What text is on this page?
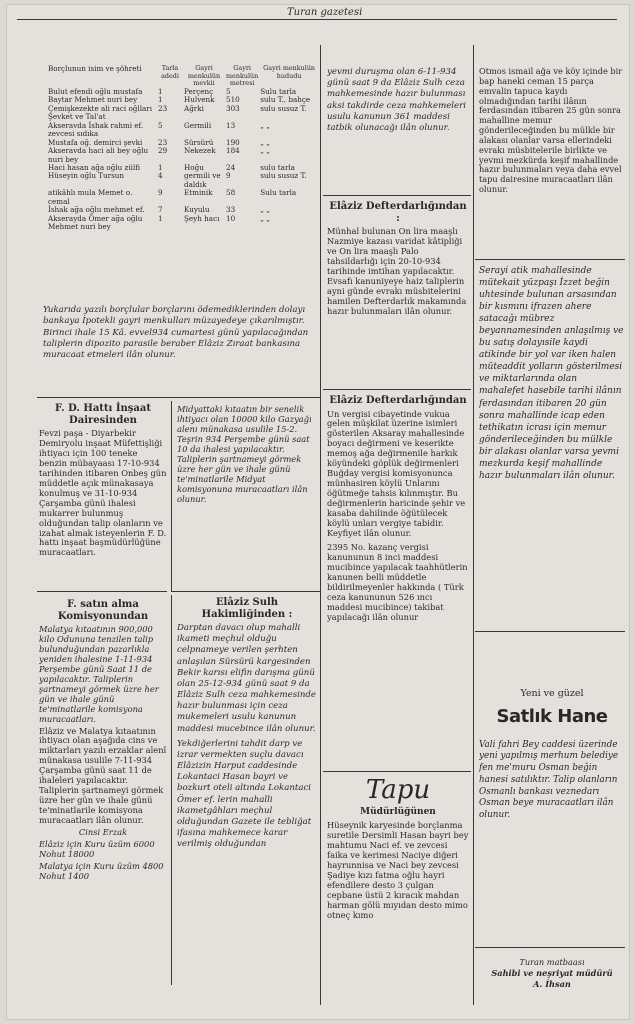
Turan gazetesi
Borçlunun isim ve şöhreti	Tarla adedi	Gayri menkulün mevkii	Gayri menkulün metresi	Gayri menkulün hududu
Bulut efendi oğlu mustafa	1	Perçenç	5	Sulu tarla
Baytar Mehmet nuri bey	1	Hulvenk	510	sulu T., bahçe
Çemişkezekte ali raci oğlları Şevket ve Tal'at	23	Ağrki	303	sulu susuz T.
Akseravda İshak rahmi ef. zevcesi sıdıka	5	Germili	13	„ „
Mustafa oğ. demirci şevki	23	Sürsürü	190	„ „
Akseravda haci ali bey oğlu nuri bey	29	Nekezek	184	„ „
Haci hasan ağa oğlu zülfi	1	Hoğu	24	sulu tarla
Hüseyin oğlu Tursun	4	germili ve daldık	9	sulu susuz T.
atikâhlı mula Memet o. cemal	9	Etminik	58	Sulu tarla
İshak ağa oğlu mehmet ef.	7	Kuyulu	33	„ „
Akserayda Ömer ağa oğlu Mehmet nuri bey	1	Şeyh hacı	10	„ „
Yukarıda yazılı borçlular borçlarını ödemediklerinden dolayı bankaya İpotekli gayri menkulları müzayedeye çıkarılmıştır. Birinci ihale 15 Kâ. evvel934 cumartesi günü yapılacağından taliplerin dipozito parasile beraber Elâziz Zıraat bankasına muracaat etmeleri ilân olunur.
F. D. Hattı İnşaat Dairesinden

Fevzi paşa - Diyarbekir Demiryolu inşaat Müfettişliği ihtiyacı için 100 teneke benzin mübayaası 17-10-934 tarihinden itibaren Onbeş gün müddetle açık münakasaya konulmuş ve 31-10-934 Çarşamba günü ihalesi mukarrer bulunmuş olduğundan talip olanların ve izahat almak isteyenlerin F. D. hattı inşaat başmüdürlüğüne muracaatları.

Midyattaki kıtaatın bir senelik ihtiyacı olan 10000 kilo Gazyağı alenı münakasa usulile 15-2. Teşrin 934 Perşembe günü saat 10 da ihalesi yapılacaktır. Taliplerin şartnameyi görmek üzre her gün ve ihale günü te'minatlarile Midyat komisyonuna muracaatları ilân olunur.
F. satın alma Komisyonundan

Malatya kıtaatının 900,000 kilo Odununa tenzilen talip bulunduğundan pazarlıkla yeniden ihalesine 1-11-934 Perşembe günü Saat 11 de yapılacaktır. Taliplerin şartnameyi görmek üzre her gün ve ihale günü te'minatlarile komisyona muracaatları.

Elâziz ve Malatya kıtaatının ihtiyacı olan aşağıda cins ve miktarları yazılı erzaklar alenî münakasa usulile 7-11-934 Çarşamba günü saat 11 de ihaleleri yapılacaktır. Taliplerin şartnameyi görmek üzre her gün ve ihale günü te'minatlarile komisyona muracaatları ilân olunur.

Cinsi Erzak

Elâziz için Kuru üzüm 6000 Nohut 18000

Malatya için Kuru üzüm 4800 Nohut 1400

Elâziz Sulh Hakimliğinden :

Darptan davacı olup mahalli ikameti meçhul olduğu celpnameye verilen şerhten anlaşılan Sürsürü kargesinden Bekir karısı elifin darışma günü olan 25-12-934 günü saat 9 da Elâziz Sulh ceza mahkemesinde hazır bulunması için ceza mukemeleri usulu kanunun maddesi mucebince ilân olunur.

Yekdiğerlerini tahdit darp ve izrar vermekten suçlu davacı Elâzizin Harput caddesinde Lokantaci Hasan bayri ve bozkurt oteli altında Lokantaci Ömer ef. lerin mahalli ikametgâhları meçhul olduğundan Gazete ile tebliğat ifasına mahkemece karar verilmiş olduğundan

yevmi duruşma olan 6-11-934 günü saat 9 da Elâziz Sulh ceza mahkemesinde hazır bulunması aksi takdirde ceza mahkemeleri usulu kanunun 361 maddesi tatbik olunacağı ilân olunur.
Elâziz Defterdarlığından :

Münhal bulunan On lira maaşlı Nazmiye kazası varidat kâtipliği ve On lira maaşlı Palo tahsildarlığı için 20-10-934 tarihinde imtihan yapılacaktır. Evsafı kanuniyeye haiz taliplerin ayni günde evrakı müsbitelerini hamilen Defterdarlık makamında hazır bulunmaları ilân olunur.

Elâziz Defterdarlığından

Un vergisi cibayetinde vukua gelen müşkilat üzerine isimleri gösterilen Aksaray mahallesinde boyacı değirmeni ve keserikte memoş ağa değirmenile harkık köyündeki göplük değirmenleri Buğday vergisi komisyonunca münhasiren köylü Unlarını öğütmeğe tahsis kılınmıştır. Bu değirmenlerin haricinde şehir ve kasaba dahilinde öğütülecek köylü unları vergiye tabidir. Keyfiyet ilân olunur.

2395 No. kazanç vergisi kanununun 8 inci maddesi mucibince yapılacak taahhütlerin kanunen belli müddetle bildirilmeyenler hakkında ( Türk ceza kanununun 526 ıncı maddesi mucibince) takibat yapılacağı ilân olunur

Tapu
Müdürlüğünen

Hüseynik karyesinde borçlanma suretile Dersimli Hasan bayri bey mahtumu Naci ef. ve zevcesi faika ve kerimesi Naciye diğeri hayrunnisa ve Naci bey zevcesi Şadiye kızı fatma oğlu hayri efendilere desto 3 çulgan cepbane üstü 2 kıracık mahdan harman gölü mıyıdan desto mimo otneç kımo

Otmos ismail ağa ve köy içinde bir bap haneki ceman 15 parça emvalin tapuca kaydı olmadığından tarihi ilânın ferdasından itibaren 25 gün sonra mahalline memur gönderileceğinden bu mülkle bir alakası olanlar varsa ellerindeki evrakı müsbitelerile birlikte ve yevmi mezkürda keşif mahallinde hazır bulunmaları veya daha evvel tapu dairesine muracaatları ilân olunur.
Serayi atik mahallesinde mütekait yüzpaşı İzzet beğin uhtesinde bulunan arsasından bir kısmını ifrazen ahere satacağı mübrez beyannamesinden anlaşılmış ve bu satış dolayısile kaydi atikinde bir yol var iken halen müteaddit yolların gösterilmesi ve miktarlarında olan mahalefet hasebile tarihi ilânın ferdasından itibaren 20 gün sonra mahallinde icap eden tethikatın icrası için memur gönderileceğinden bu mülkle bir alakası olanlar varsa yevmi mezkurda keşif mahallinde hazır bulunmaları ilân olunur.
Yeni ve güzel
Satlık Hane

Vali fahri Bey caddesi üzerinde yeni yapılmış merhum belediye fen me'muru Osman beğin hanesi satılıktır. Talip olanların Osmanlı bankası veznedarı Osman beye muracaatları ilân olunur.

Turan matbaası
Sahibi ve neşriyat müdürü
A. İhsan
